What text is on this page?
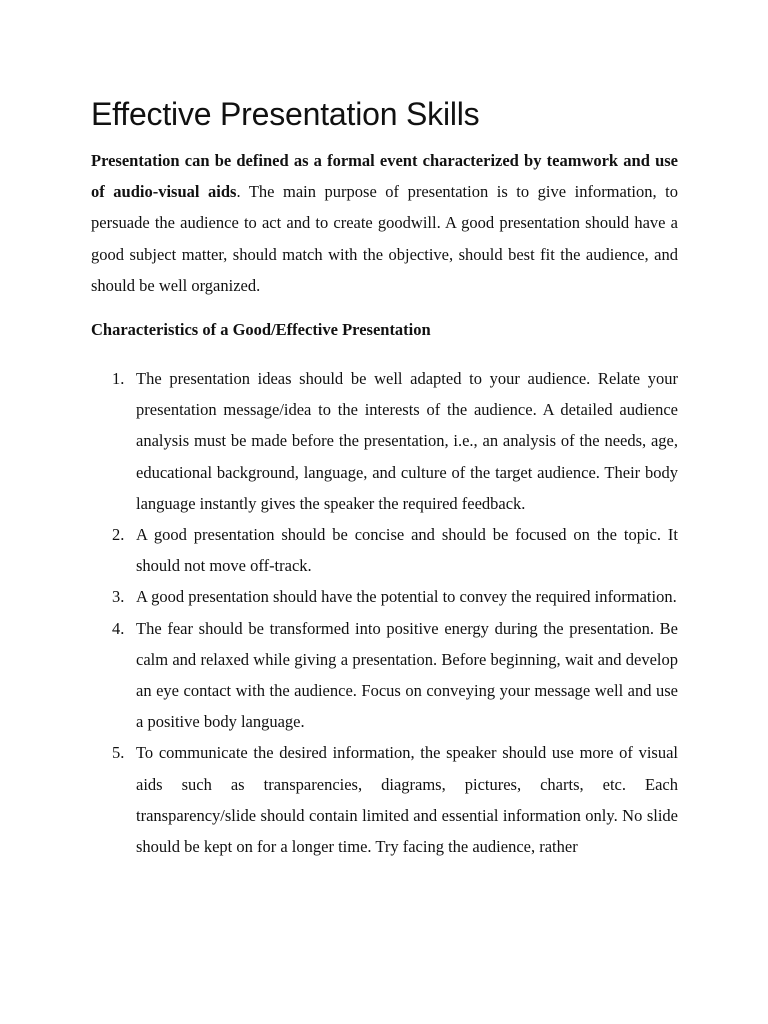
Effective Presentation Skills

Presentation can be defined as a formal event characterized by teamwork and use of audio-visual aids. The main purpose of presentation is to give information, to persuade the audience to act and to create goodwill. A good presentation should have a good subject matter, should match with the objective, should best fit the audience, and should be well organized.

Characteristics of a Good/Effective Presentation
1. The presentation ideas should be well adapted to your audience. Relate your presentation message/idea to the interests of the audience. A detailed audience analysis must be made before the presentation, i.e., an analysis of the needs, age, educational background, language, and culture of the target audience. Their body language instantly gives the speaker the required feedback.
2. A good presentation should be concise and should be focused on the topic. It should not move off-track.
3. A good presentation should have the potential to convey the required information.
4. The fear should be transformed into positive energy during the presentation. Be calm and relaxed while giving a presentation. Before beginning, wait and develop an eye contact with the audience. Focus on conveying your message well and use a positive body language.
5. To communicate the desired information, the speaker should use more of visual aids such as transparencies, diagrams, pictures, charts, etc. Each transparency/slide should contain limited and essential information only. No slide should be kept on for a longer time. Try facing the audience, rather
